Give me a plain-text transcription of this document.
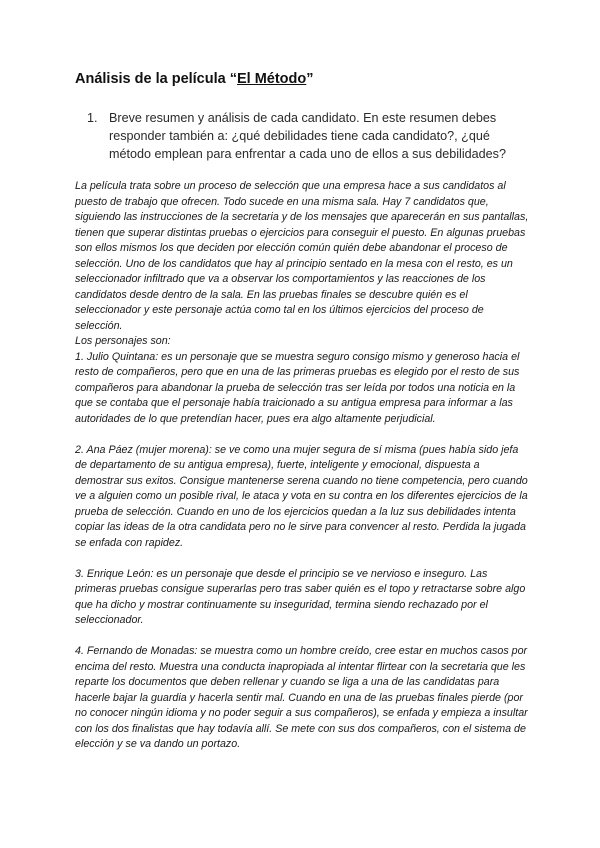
Análisis de la película “El Método”
1. Breve resumen y análisis de cada candidato. En este resumen debes responder también a: ¿qué debilidades tiene cada candidato?, ¿qué método emplean para enfrentar a cada uno de ellos a sus debilidades?

La película trata sobre un proceso de selección que una empresa hace a sus candidatos al puesto de trabajo que ofrecen. Todo sucede en una misma sala. Hay 7 candidatos que, siguiendo las instrucciones de la secretaria y de los mensajes que aparecerán en sus pantallas, tienen que superar distintas pruebas o ejercicios para conseguir el puesto. En algunas pruebas son ellos mismos los que deciden por elección común quién debe abandonar el proceso de selección. Uno de los candidatos que hay al principio sentado en la mesa con el resto, es un seleccionador infiltrado que va a observar los comportamientos y las reacciones de los candidatos desde dentro de la sala. En las pruebas finales se descubre quién es el seleccionador y este personaje actúa como tal en los últimos ejercicios del proceso de selección.

Los personajes son:

1. Julio Quintana: es un personaje que se muestra seguro consigo mismo y generoso hacia el resto de compañeros, pero que en una de las primeras pruebas es elegido por el resto de sus compañeros para abandonar la prueba de selección tras ser leída por todos una noticia en la que se contaba que el personaje había traicionado a su antigua empresa para informar a las autoridades de lo que pretendían hacer, pues era algo altamente perjudicial.

2. Ana Páez (mujer morena): se ve como una mujer segura de sí misma (pues había sido jefa de departamento de su antigua empresa), fuerte, inteligente y emocional, dispuesta a demostrar sus exitos. Consigue mantenerse serena cuando no tiene competencia, pero cuando ve a alguien como un posible rival, le ataca y vota en su contra en los diferentes ejercicios de la prueba de selección. Cuando en uno de los ejercicios quedan a la luz sus debilidades intenta copiar las ideas de la otra candidata pero no le sirve para convencer al resto. Perdida la jugada se enfada con rapidez.

3. Enrique León: es un personaje que desde el principio se ve nervioso e inseguro. Las primeras pruebas consigue superarlas pero tras saber quién es el topo y retractarse sobre algo que ha dicho y mostrar continuamente su inseguridad, termina siendo rechazado por el seleccionador.

4. Fernando de Monadas: se muestra como un hombre creído, cree estar en muchos casos por encima del resto. Muestra una conducta inapropiada al intentar flirtear con la secretaria que les reparte los documentos que deben rellenar y cuando se liga a una de las candidatas para hacerle bajar la guardia y hacerla sentir mal. Cuando en una de las pruebas finales pierde (por no conocer ningún idioma y no poder seguir a sus compañeros), se enfada y empieza a insultar con los dos finalistas que hay todavía allí. Se mete con sus dos compañeros, con el sistema de elección y se va dando un portazo.
